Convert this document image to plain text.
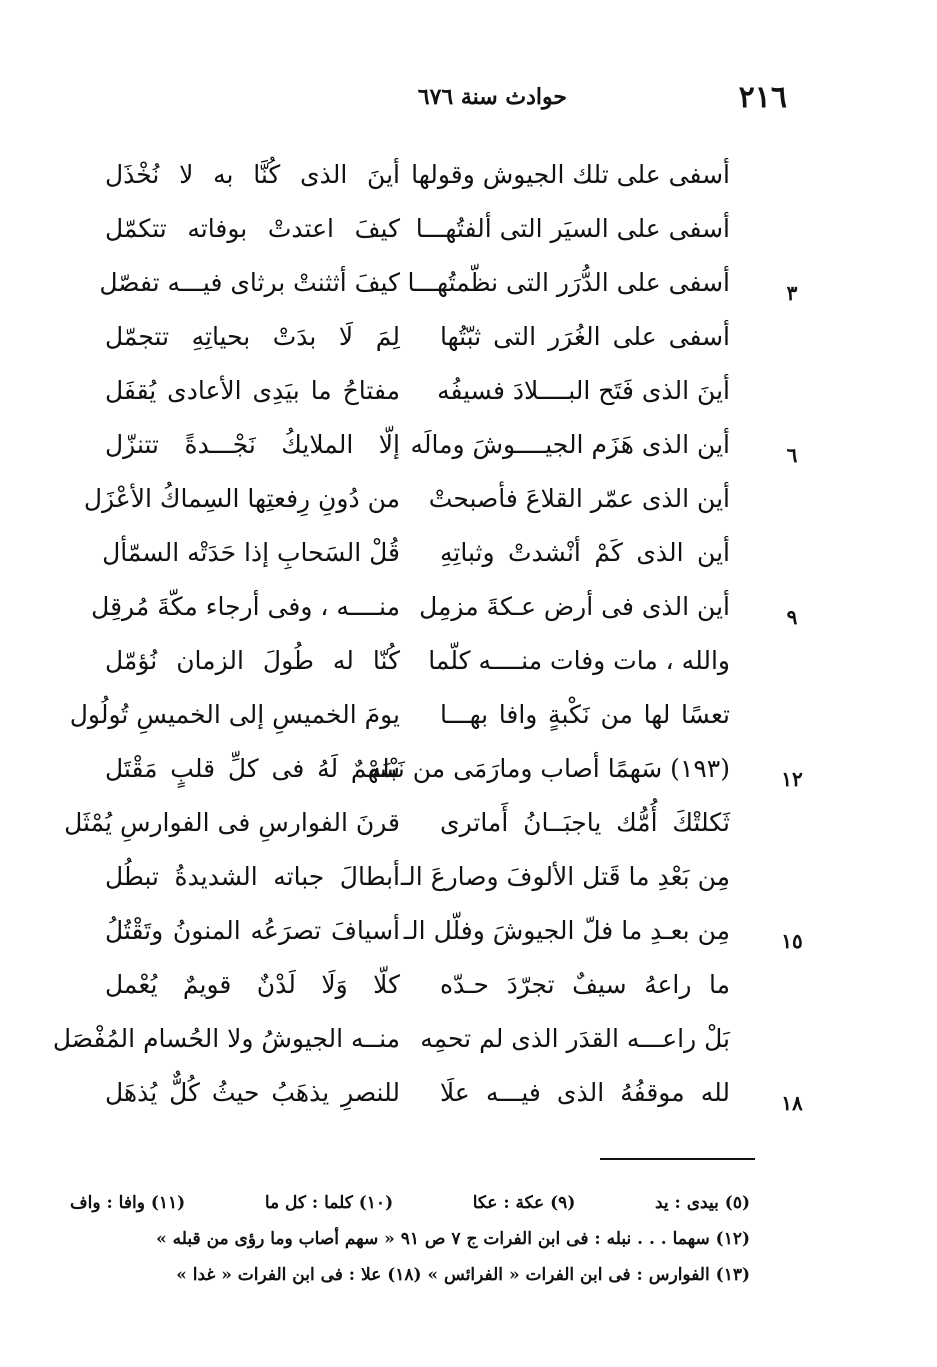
٢١٦
حوادث سنة ٦٧٦
أسفى على تلك الجيوش وقولها
أينَ الذى كُنَّا به لا نُخْذَل
أسفى على السيَر التى ألفتُهـــا
كيفَ اعتدتْ بوفاته تتكمّل
٣
أسفى على الدُّرَر التى نظّمتُهـــا
كيفَ أثثنتْ برثاى فيـــه تفصّل
أسفى على الغُرَر التى ثبّتُها
لِمَ لَا بدَتْ بحياتِهِ تتجمّل
أينَ الذى فَتَح البــــلادَ فسيفُه
مفتاحُ ما بيَدِى الأعادى يُقفَل
٦
أين الذى هَزَم الجيــــوشَ ومالَه
إلّا الملايكُ نَجْـــدةً تتنزّل
أين الذى عمّر القلاعَ فأصبحتْ
من دُونِ رِفعتِها السِماكُ الأعْزَل
أين الذى كَمْ أنْشدتْ وثباتِهِ
قُلْ السَحابِ إذا حَدَتْه السمّأل
٩
أين الذى فى أرض عـكةَ مزمِل
منــــه ، وفى أرجاء مكّةَ مُرقِل
والله ، مات وفات منــــه كلّما
كُنّا له طُولَ الزمان نُؤمّل
تعسًا لها من نَكْبةٍ وافا بهـــا
يومَ الخميسِ إلى الخميسِ تُولُول
١٢
(١٩٣) سَهمًا أصاب ومارَمَى من نَبْله
سَهْمٌ لَهُ فى كلِّ قلبٍ مَقْتَل
ثَكلتْكَ أُمُّك ياجبَــانُ أَماترى
قرنَ الفوارسِ فى الفوارسِ يُمْثَل
مِن بَعْدِ ما قَتل الألوفَ وصارعَ الـ
أبطالَ جباته الشديدةُ تبطُل
١٥
مِن بعـدِ ما فلّ الجيوشَ وفلّل الـ
أسيافَ تصرَعُه المنونُ وتَقْتُلُ
ما راعهُ سيفٌ تجرّدَ حـدّه
كلّا وَلَا لَدْنٌ قويمٌ يُعْمل
بَلْ راعـــه القدَر الذى لم تحمِه
منــه الجيوشُ ولا الحُسام المُفْصَل
١٨
لله موقفُهُ الذى فيـــه علَا
للنصرِ يذهَبُ حيثُ كُلٌّ يُذهَل
(٥) بيدى : يد
(٩) عكة : عكا
(١٠) كلما : كل ما
(١١) وافا : واف
(١٢) سهما . . . نبله : فى ابن الفرات ج ٧ ص ٩١ « سهم أصاب وما رؤى من قبله »
(١٣) الفوارس : فى ابن الفرات « الفرائس » (١٨) علا : فى ابن الفرات « غدا »
